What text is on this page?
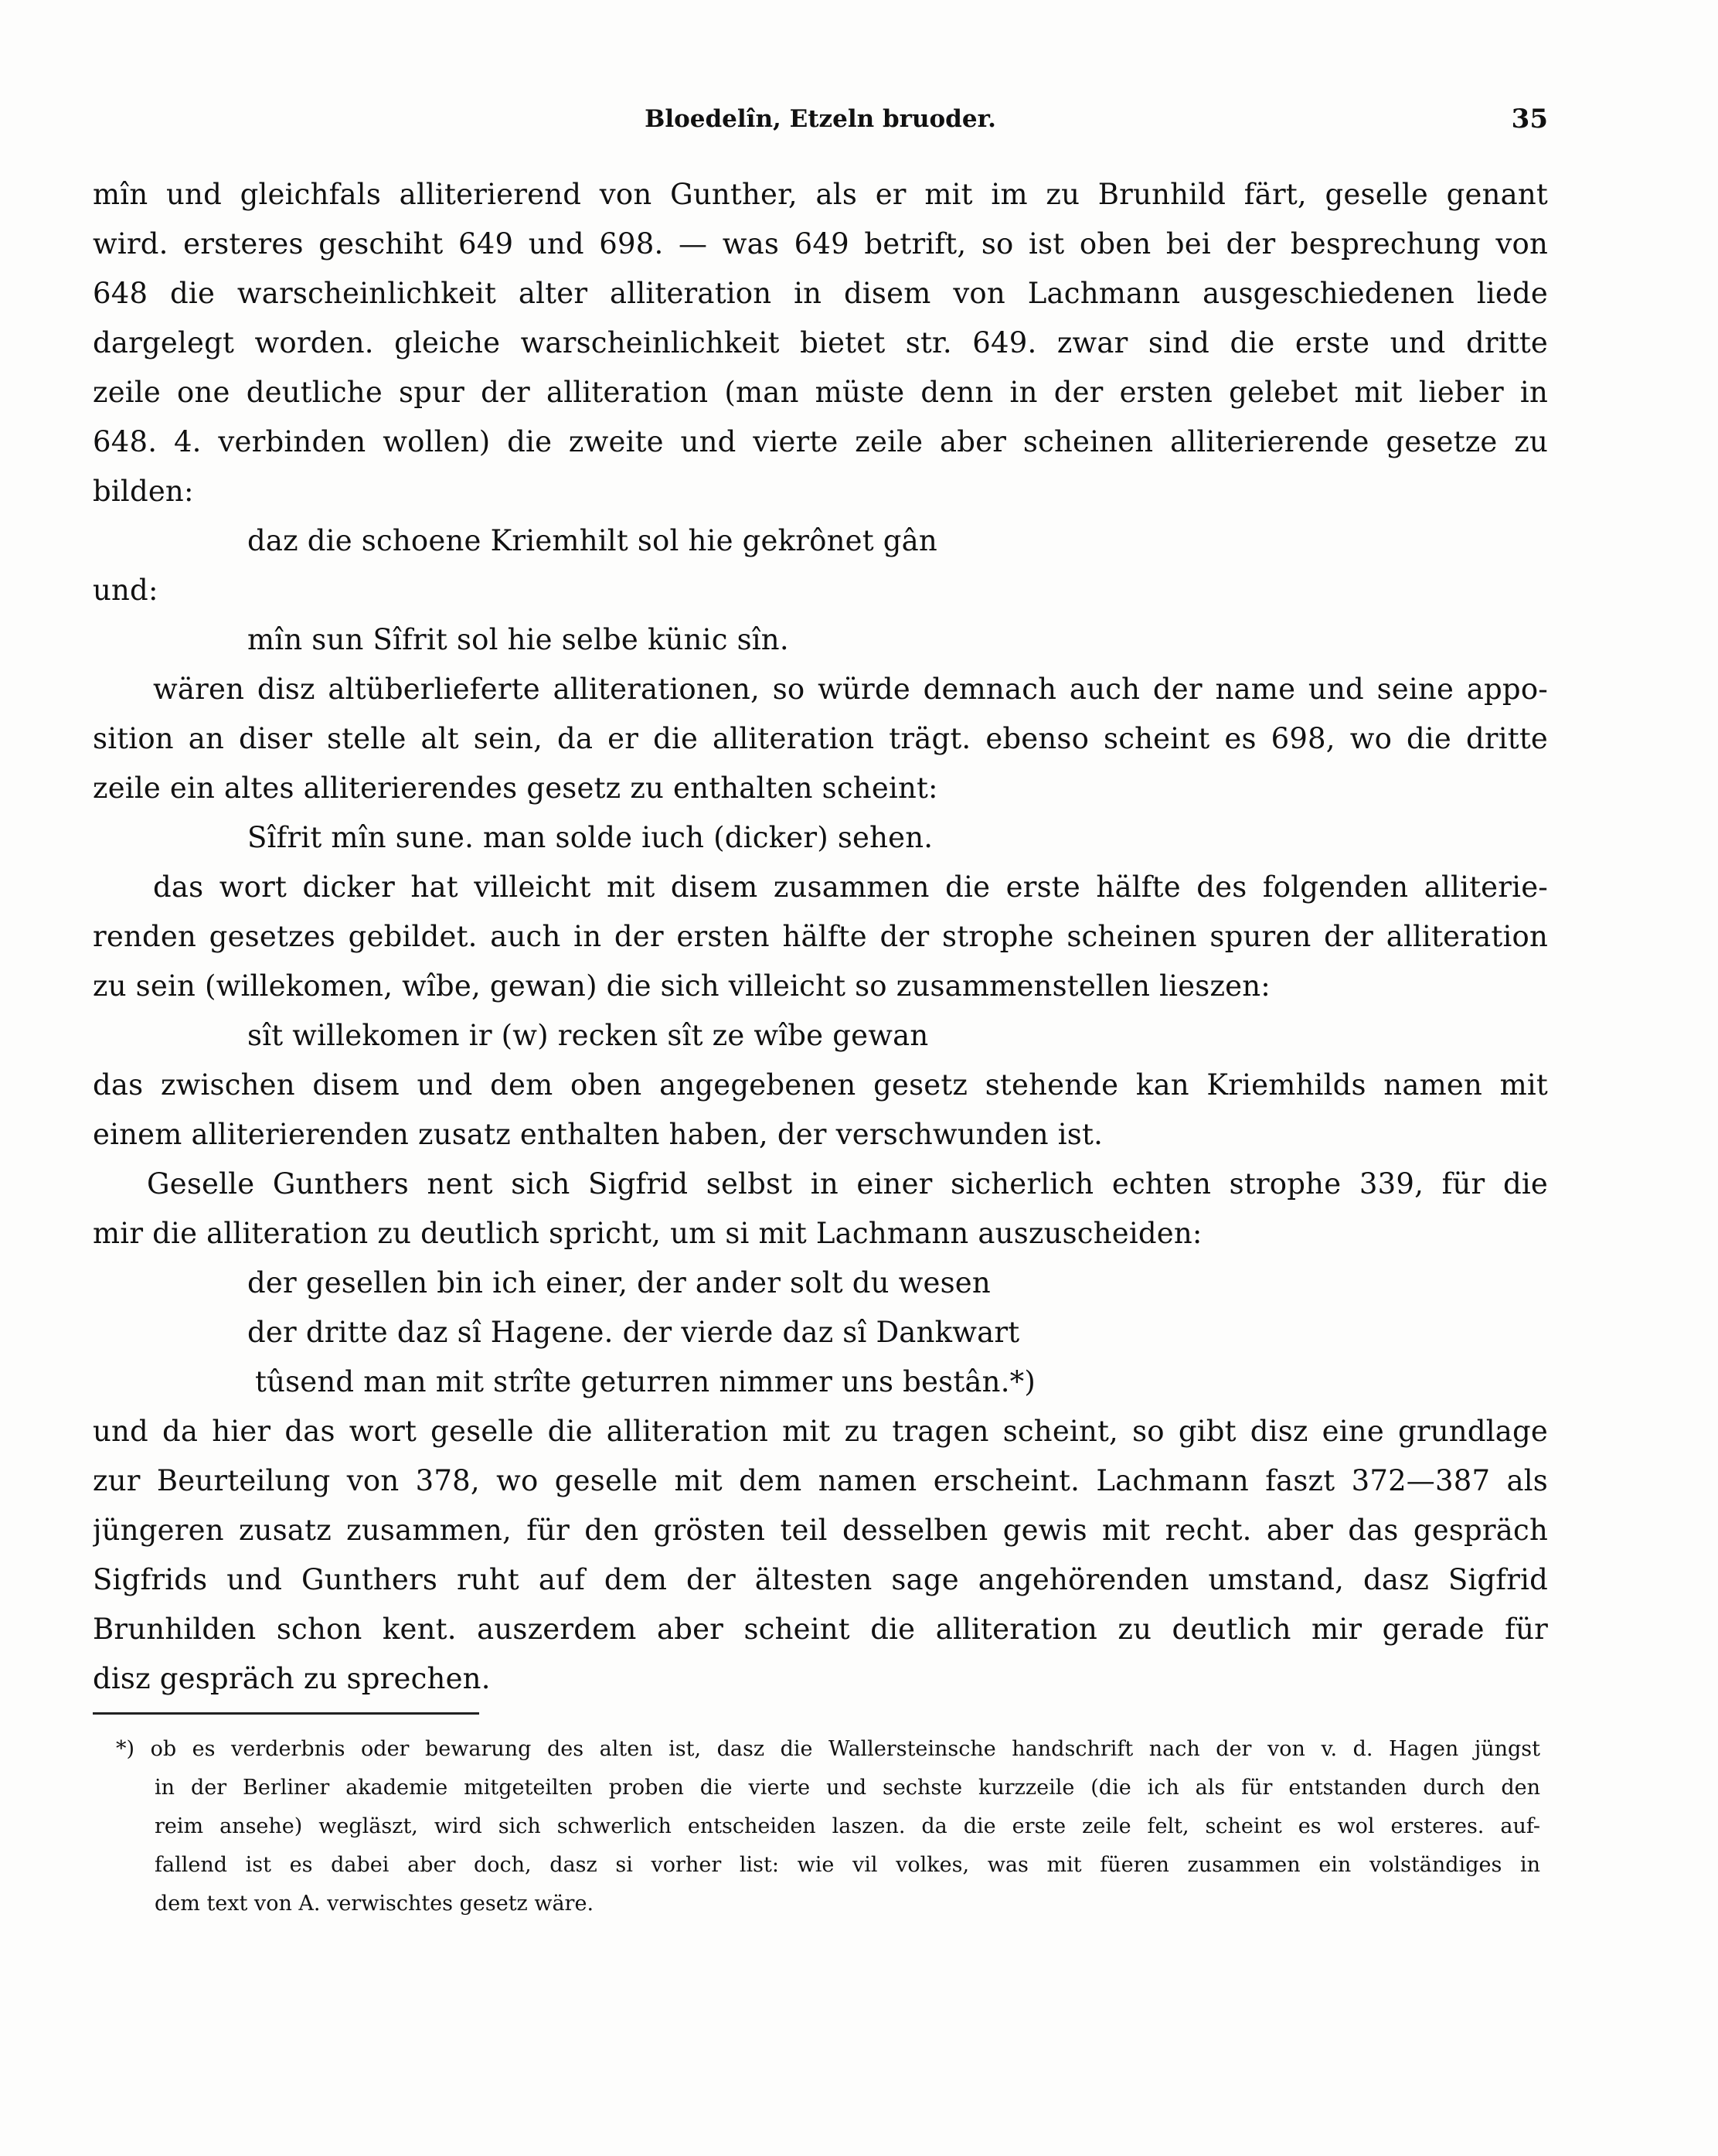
Bloedelîn, Etzeln bruoder.	35
mîn und gleichfals alliterierend von Gunther, als er mit im zu Brunhild färt, geselle genant
wird. ersteres geschiht 649 und 698. — was 649 betrift, so ist oben bei der besprechung von
648 die warscheinlichkeit alter alliteration in disem von Lachmann ausgeschiedenen liede
dargelegt worden. gleiche warscheinlichkeit bietet str. 649. zwar sind die erste und dritte
zeile one deutliche spur der alliteration (man müste denn in der ersten gelebet mit lieber in
648. 4. verbinden wollen) die zweite und vierte zeile aber scheinen alliterierende gesetze zu
bilden:
daz die schoene Kriemhilt sol hie gekrônet gân
und:
mîn sun Sîfrit sol hie selbe künic sîn.
wären disz altüberlieferte alliterationen, so würde demnach auch der name und seine appo-
sition an diser stelle alt sein, da er die alliteration trägt. ebenso scheint es 698, wo die dritte
zeile ein altes alliterierendes gesetz zu enthalten scheint:
Sîfrit mîn sune. man solde iuch (dicker) sehen.
das wort dicker hat villeicht mit disem zusammen die erste hälfte des folgenden alliterie-
renden gesetzes gebildet. auch in der ersten hälfte der strophe scheinen spuren der alliteration
zu sein (willekomen, wîbe, gewan) die sich villeicht so zusammenstellen lieszen:
sît willekomen ir (w) recken sît ze wîbe gewan
das zwischen disem und dem oben angegebenen gesetz stehende kan Kriemhilds namen mit
einem alliterierenden zusatz enthalten haben, der verschwunden ist.
Geselle Gunthers nent sich Sigfrid selbst in einer sicherlich echten strophe 339, für die
mir die alliteration zu deutlich spricht, um si mit Lachmann auszuscheiden:
der gesellen bin ich einer, der ander solt du wesen
der dritte daz sî Hagene. der vierde daz sî Dankwart
tûsend man mit strîte geturren nimmer uns bestân.*)
und da hier das wort geselle die alliteration mit zu tragen scheint, so gibt disz eine grundlage
zur Beurteilung von 378, wo geselle mit dem namen erscheint. Lachmann faszt 372—387 als
jüngeren zusatz zusammen, für den grösten teil desselben gewis mit recht. aber das gespräch
Sigfrids und Gunthers ruht auf dem der ältesten sage angehörenden umstand, dasz Sigfrid
Brunhilden schon kent. auszerdem aber scheint die alliteration zu deutlich mir gerade für
disz gespräch zu sprechen.
*) ob es verderbnis oder bewarung des alten ist, dasz die Wallersteinsche handschrift nach der von v. d. Hagen jüngst
in der Berliner akademie mitgeteilten proben die vierte und sechste kurzzeile (die ich als für entstanden durch den
reim ansehe) wegläszt, wird sich schwerlich entscheiden laszen. da die erste zeile felt, scheint es wol ersteres. auf-
fallend ist es dabei aber doch, dasz si vorher list: wie vil volkes, was mit füeren zusammen ein volständiges in
dem text von A. verwischtes gesetz wäre.
